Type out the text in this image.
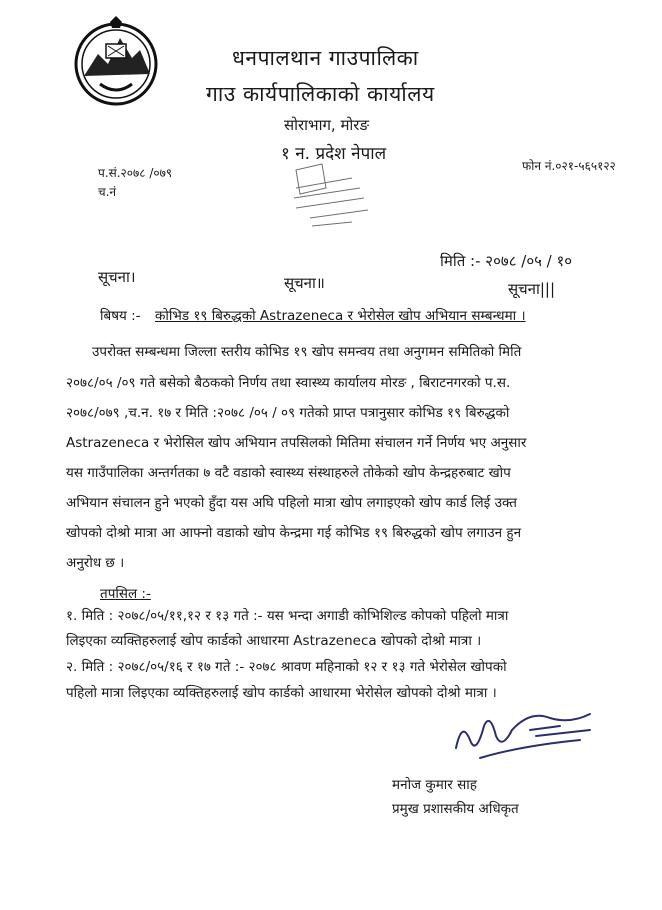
धनपालथान गाउपालिका
गाउ कार्यपालिकाको कार्यालय
सोराभाग, मोरङ
१ न. प्रदेश नेपाल
प.सं.२०७८ /०७९
च.नं
फोन नं.०२१-५६५१२२
मिति :- २०७८ /०५ / १०
सूचना।	सूचना॥	सूचना|||
बिषय :- कोभिड १९ बिरुद्धको Astrazeneca र भेरोसेल खोप अभियान सम्बन्धमा ।
उपरोक्त सम्बन्धमा जिल्ला स्तरीय कोभिड १९ खोप समन्वय तथा अनुगमन समितिको मिति
२०७८/०५ /०९ गते बसेको बैठकको निर्णय तथा स्वास्थ्य कार्यालय मोरङ , बिराटनगरको प.स.
२०७८/०७९ ,च.न. १७ र मिति :२०७८ /०५ / ०९ गतेको प्राप्त पत्रानुसार कोभिड १९ बिरुद्धको
Astrazeneca र भेरोसिल खोप अभियान तपसिलको मितिमा संचालन गर्ने निर्णय भए अनुसार
यस गाउँपालिका अन्तर्गतका ७ वटै वडाको स्वास्थ्य संस्थाहरुले तोकेको खोप केन्द्रहरुबाट खोप
अभियान संचालन हुने भएको हुँदा यस अघि पहिलो मात्रा खोप लगाइएको खोप कार्ड लिई उक्त
खोपको दोश्रो मात्रा आ आफ्नो वडाको खोप केन्द्रमा गई कोभिड १९ बिरुद्धको खोप लगाउन हुन
अनुरोध छ ।
तपसिल :-
१. मिति : २०७८/०५/११,१२ र १३ गते :- यस भन्दा अगाडी कोभिशिल्ड कोपको पहिलो मात्रा
लिइएका व्यक्तिहरुलाई खोप कार्डको आधारमा Astrazeneca खोपको दोश्रो मात्रा ।
२. मिति : २०७८/०५/१६ र १७ गते :- २०७८ श्रावण महिनाको १२ र १३ गते भेरोसेल खोपको
पहिलो मात्रा लिइएका व्यक्तिहरुलाई खोप कार्डको आधारमा भेरोसेल खोपको दोश्रो मात्रा ।
मनोज कुमार साह
प्रमुख प्रशासकीय अधिकृत
